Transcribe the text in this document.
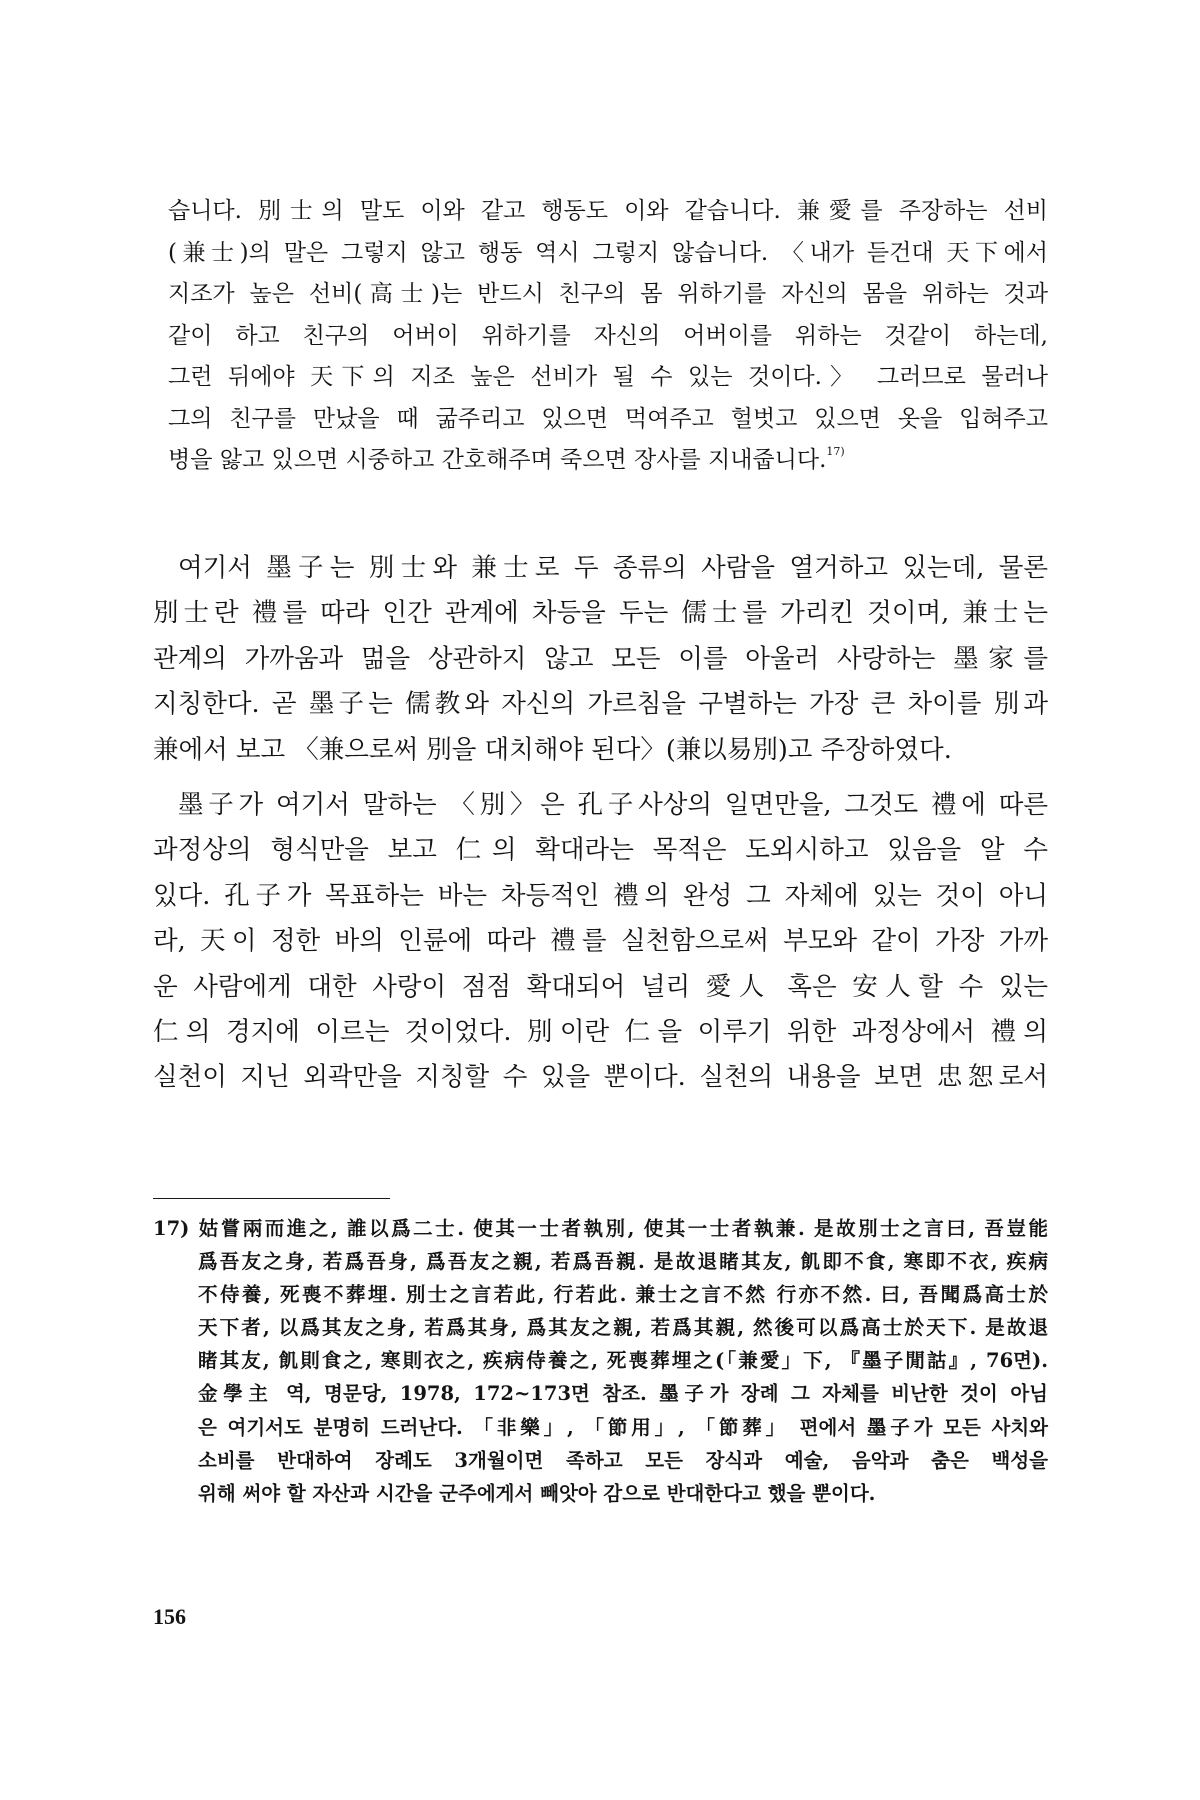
습니다. 別士의 말도 이와 같고 행동도 이와 같습니다. 兼愛를 주장하는 선비
(兼士)의 말은 그렇지 않고 행동 역시 그렇지 않습니다. 〈내가 듣건대 天下에서
지조가 높은 선비(高士)는 반드시 친구의 몸 위하기를 자신의 몸을 위하는 것과
같이 하고 친구의 어버이 위하기를 자신의 어버이를 위하는 것같이 하는데,
그런 뒤에야 天下의 지조 높은 선비가 될 수 있는 것이다.〉 그러므로 물러나
그의 친구를 만났을 때 굶주리고 있으면 먹여주고 헐벗고 있으면 옷을 입혀주고
병을 앓고 있으면 시중하고 간호해주며 죽으면 장사를 지내줍니다.$^{17)}$
여기서 墨子는 別士와 兼士로 두 종류의 사람을 열거하고 있는데, 물론
別士란 禮를 따라 인간 관계에 차등을 두는 儒士를 가리킨 것이며, 兼士는
관계의 가까움과 멂을 상관하지 않고 모든 이를 아울러 사랑하는 墨家를
지칭한다. 곧 墨子는 儒教와 자신의 가르침을 구별하는 가장 큰 차이를 別과
兼에서 보고 〈兼으로써 別을 대치해야 된다〉(兼以易別)고 주장하였다.
墨子가 여기서 말하는 〈別〉은 孔子사상의 일면만을, 그것도 禮에 따른
과정상의 형식만을 보고 仁의 확대라는 목적은 도외시하고 있음을 알 수
있다. 孔子가 목표하는 바는 차등적인 禮의 완성 그 자체에 있는 것이 아니
라, 天이 정한 바의 인륜에 따라 禮를 실천함으로써 부모와 같이 가장 가까
운 사람에게 대한 사랑이 점점 확대되어 널리 愛人 혹은 安人할 수 있는
仁의 경지에 이르는 것이었다. 別이란 仁을 이루기 위한 과정상에서 禮의
실천이 지닌 외곽만을 지칭할 수 있을 뿐이다. 실천의 내용을 보면 忠恕로서
17) 姑嘗兩而進之, 誰以爲二士. 使其一士者執別, 使其一士者執兼. 是故別士之言曰, 吾豈能
爲吾友之身, 若爲吾身, 爲吾友之親, 若爲吾親. 是故退睹其友, 飢即不食, 寒即不衣, 疾病
不侍養, 死喪不葬埋. 別士之言若此, 行若此. 兼士之言不然 行亦不然. 曰, 吾聞爲高士於
天下者, 以爲其友之身, 若爲其身, 爲其友之親, 若爲其親, 然後可以爲高士於天下. 是故退
睹其友, 飢則食之, 寒則衣之, 疾病侍養之, 死喪葬埋之(「兼愛」下, 『墨子閒詁』, 76면).
金學主 역, 명문당, 1978, 172~173면 참조. 墨子가 장례 그 자체를 비난한 것이 아님
은 여기서도 분명히 드러난다. 「非樂」, 「節用」, 「節葬」 편에서 墨子가 모든 사치와
소비를 반대하여 장례도 3개월이면 족하고 모든 장식과 예술, 음악과 춤은 백성을
위해 써야 할 자산과 시간을 군주에게서 빼앗아 감으로 반대한다고 했을 뿐이다.
156
